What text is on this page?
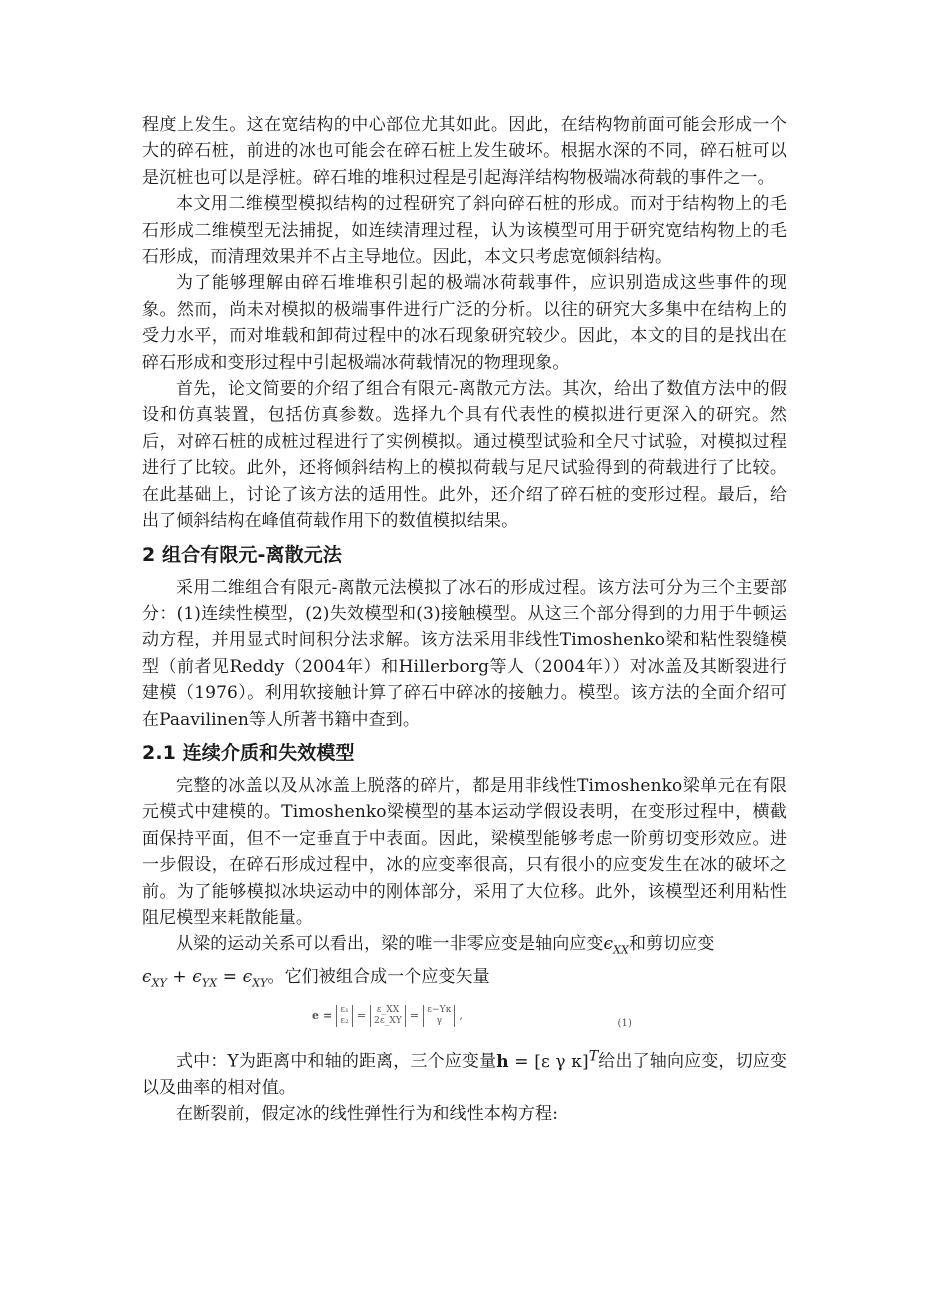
程度上发生。这在宽结构的中心部位尤其如此。因此，在结构物前面可能会形成一个大的碎石桩，前进的冰也可能会在碎石桩上发生破坏。根据水深的不同，碎石桩可以是沉桩也可以是浮桩。碎石堆的堆积过程是引起海洋结构物极端冰荷载的事件之一。

本文用二维模型模拟结构的过程研究了斜向碎石桩的形成。而对于结构物上的毛石形成二维模型无法捕捉，如连续清理过程，认为该模型可用于研究宽结构物上的毛石形成，而清理效果并不占主导地位。因此，本文只考虑宽倾斜结构。

为了能够理解由碎石堆堆积引起的极端冰荷载事件，应识别造成这些事件的现象。然而，尚未对模拟的极端事件进行广泛的分析。以往的研究大多集中在结构上的受力水平，而对堆载和卸荷过程中的冰石现象研究较少。因此，本文的目的是找出在碎石形成和变形过程中引起极端冰荷载情况的物理现象。

首先，论文简要的介绍了组合有限元-离散元方法。其次，给出了数值方法中的假设和仿真装置，包括仿真参数。选择九个具有代表性的模拟进行更深入的研究。然后，对碎石桩的成桩过程进行了实例模拟。通过模型试验和全尺寸试验，对模拟过程进行了比较。此外，还将倾斜结构上的模拟荷载与足尺试验得到的荷载进行了比较。在此基础上，讨论了该方法的适用性。此外，还介绍了碎石桩的变形过程。最后，给出了倾斜结构在峰值荷载作用下的数值模拟结果。

2 组合有限元-离散元法

采用二维组合有限元-离散元法模拟了冰石的形成过程。该方法可分为三个主要部分：(1)连续性模型，(2)失效模型和(3)接触模型。从这三个部分得到的力用于牛顿运动方程，并用显式时间积分法求解。该方法采用非线性Timoshenko梁和粘性裂缝模型（前者见Reddy（2004年）和Hillerborg等人（2004年））对冰盖及其断裂进行建模（1976）。利用软接触计算了碎石中碎冰的接触力。模型。该方法的全面介绍可在Paavilinen等人所著书籍中查到。

2.1 连续介质和失效模型

完整的冰盖以及从冰盖上脱落的碎片，都是用非线性Timoshenko梁单元在有限元模式中建模的。Timoshenko梁模型的基本运动学假设表明，在变形过程中，横截面保持平面，但不一定垂直于中表面。因此，梁模型能够考虑一阶剪切变形效应。进一步假设，在碎石形成过程中，冰的应变率很高，只有很小的应变发生在冰的破坏之前。为了能够模拟冰块运动中的刚体部分，采用了大位移。此外，该模型还利用粘性阻尼模型来耗散能量。

从梁的运动关系可以看出，梁的唯一非零应变是轴向应变$\epsilon_{XX}$和剪切应变
$\epsilon_{XY} + \epsilon_{YX} = \epsilon_{XY}$。它们被组合成一个应变矢量

e = ε₁
ε₂ = ε_XX
2ε_XY = ε−Yκ
γ	,
(1)

式中：Y为距离中和轴的距离，三个应变量h = [ε γ κ]$^T$给出了轴向应变，切应变以及曲率的相对值。

在断裂前，假定冰的线性弹性行为和线性本构方程:
